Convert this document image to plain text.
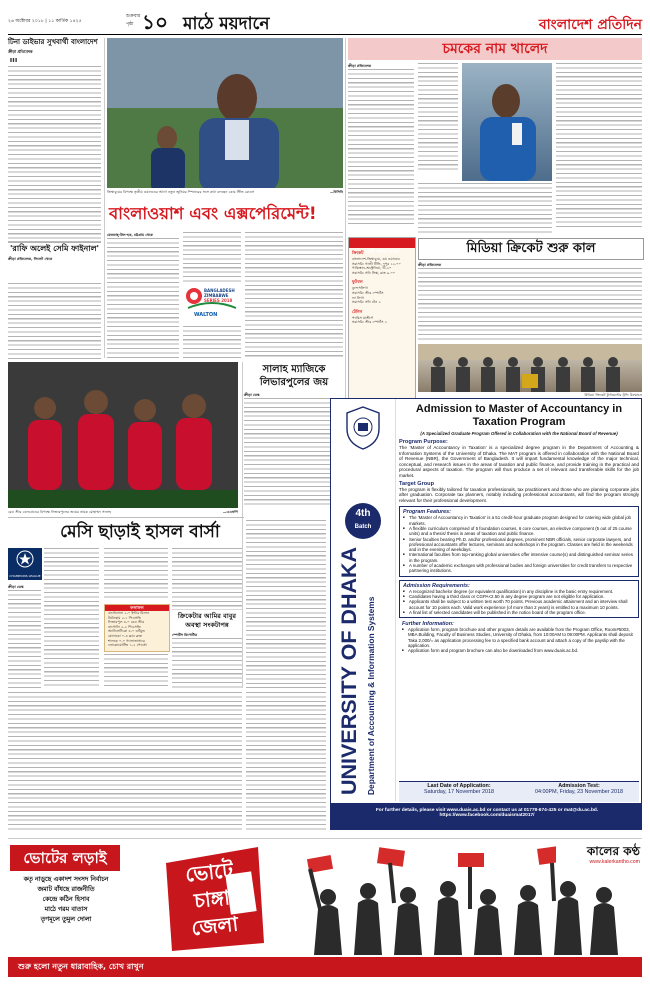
২৬ অক্টোবর ২০১৮ | ১১ কার্তিক ১৪২৫
শুক্রবার
পৃষ্ঠা ১০ মাঠে ময়দানে	বাংলাদেশ প্রতিদিন
টিনা ডাইভার সুখবার্থী বাংলাদেশ
ক্রীড়া প্রতিবেদক
▐▐▐
'রাফি অলেই সেমি ফাইনাল'
ক্রীড়া প্রতিবেদক, সিলেট থেকে
জিম্বাবুয়ের বিপক্ষে তৃতীয় ওয়ানডের আগে নতুন জুনিয়র স্পিনারের সঙ্গে কথা বলছেন কোচ স্টিভ রোডস	—বিসিবি
বাংলাওয়াশ এবং এক্সপেরিমেন্ট!
মেজবাহ্-উল-হক, চট্টগ্রাম থেকে
BANGLADESH
ZIMBABWE
SERIES 2018
WALTON
চমকের নাম খালেদ
ক্রীড়া প্রতিবেদক
মিডিয়া ক্রিকেট শুরু কাল
ক্রীড়া প্রতিবেদক
মিডিয়া ক্রিকেট টুর্নামেন্টের ট্রফি উন্মোচন
ছোট পর্দায় আজ
ক্রিকেট
বাংলাদেশ-জিম্বাবুয়ে, ৩য় ওয়ানডে
সরাসরি: গাজী টিভি, দুপুর ১২.০০
পাকিস্তান-অস্ট্রেলিয়া, টি-২০
সরাসরি: সনি সিক্স, রাত ৯.০০
ফুটবল
বুন্দেসলিগা
সরাসরি: স্টার স্পোর্টস
লা লিগা
সরাসরি: সনি টেন ২
টেনিস
প্যারিস মাস্টার্স
সরাসরি: স্টার স্পোর্টস ২
রেড স্টার বেলগ্রেডের বিপক্ষে লিভারপুলের জয়ের নায়ক মোহাম্মদ সালাহ	—এএফপি
সালাহ ম্যাজিকে লিভারপুলের জয়
ক্রীড়া ডেস্ক
মেসি ছাড়াই হাসল বার্সা
CHAMPIONS LEAGUE
ক্রীড়া ডেস্ক
ফলাফল
বার্সেলোনা ২-০ ইন্টার মিলান
টটেনহাম ২-১ পিএসভি
লিভারপুল ৪-০ রেড স্টার
নাপোলি ২-২ পিএসজি
অ্যাটলেটিকো ৪-০ ডর্টমুন্ড
মোনাকো ০-৪ ক্লাব ব্রুজ
শালকে ০-০ গ্যালাতাসারে
লোকোমোটিভ ১-২ পোর্তো
ক্রিকেটার আমির বাবুর অবস্থা সংকটাপন্ন
স্পোর্টস রিপোর্টার
4th
Batch
UNIVERSITY OF DHAKA Department of Accounting & Information Systems
Admission to Master of Accountancy in Taxation Program
(A Specialized Graduate Program Offered in Collaboration with the National Board of Revenue)
Program Purpose:
The 'Master of Accountancy in Taxation' is a specialized degree program in the Department of Accounting & Information Systems of the University of Dhaka. The MAT program is offered in collaboration with the National Board of Revenue (NBR), the Government of Bangladesh. It will impart fundamental knowledge of the major technical, conceptual, and research issues in the areas of taxation and public finance, and provide training in the practical and procedural aspects of taxation. The program will thus produce a set of relevant and transferable skills for the job market.
Target Group
The program is flexibly tailored for taxation professionals, tax practitioners and those who are planning corporate jobs after graduation. Corporate tax planners, notably including professional accountants, will find the program strongly relevant for their professional development.
Program Features:
■ The 'Master of Accountancy in Taxation' is a 51 credit-hour graduate program designed for catering wide global job markets.
■ A flexible curriculum comprised of 5 foundation courses, 6 core courses, an elective component (5 out of 25 course units) and a thesis/ thesis in areas of taxation and public finance.
■ Senior faculties bearing Ph.D. and/or professional degrees, prominent NBR officials, senior corporate lawyers, and professional accountants offer lectures, seminars and workshops in the program. Classes are held in the weekends and in the evening of weekdays.
■ International faculties from top-ranking global universities offer intensive course(s) and distinguished seminar series in the program.
■ A number of academic exchanges with professional bodies and foreign universities for credit transfers to respective partnering institutions.
Admission Requirements:
■ A recognized bachelor degree (or equivalent qualification) in any discipline is the basic entry requirement.
■ Candidates having a third class or CGPA<2.50 in any degree program are not eligible for application.
■ Applicants shall be subject to a written test worth 70 points. Previous academic attainment and an interview shall account for 10 points each. Valid work experience (of more than 2 years) is entitled to a maximum 10 points.
■ A final list of selected candidates will be published in the notice board of the program office.
Further Information:
■ Application form, program brochure and other program details are available from the Program Office, Room#5003, MBA Building, Faculty of Business Studies, University of Dhaka, from 10:00AM to 09:00PM. Applicants shall deposit Taka 2,000/= as application processing fee to a specified bank account and attach a copy of the payslip with the application.
■ Application form and program brochure can also be downloaded from www.duais.ac.bd.
Last Date of Application:
Saturday, 17 November 2018
Admission Test:
04:00PM, Friday, 23 November 2018
For further details, please visit www.duais.ac.bd or contact us at 01778-674-425 or mat@du.ac.bd.
https://www.facebook.com/duaismat2017/
ভোটের লড়াই
কতৃ নাড়ুছে একাদশ সংসদ নির্বাচন
জমাট বাঁধছে রাজনীতি
কেন্দ্রে কঠিন হিসাব
মাঠে গরম বাতাস
তৃণমূলে তুমুল দোলা
শুরু হলো নতুন ধারাবাহিক, চোখ রাখুন
ভোটে
চাঙ্গা
জেলা
কালের কণ্ঠ
www.kalerkantho.com
